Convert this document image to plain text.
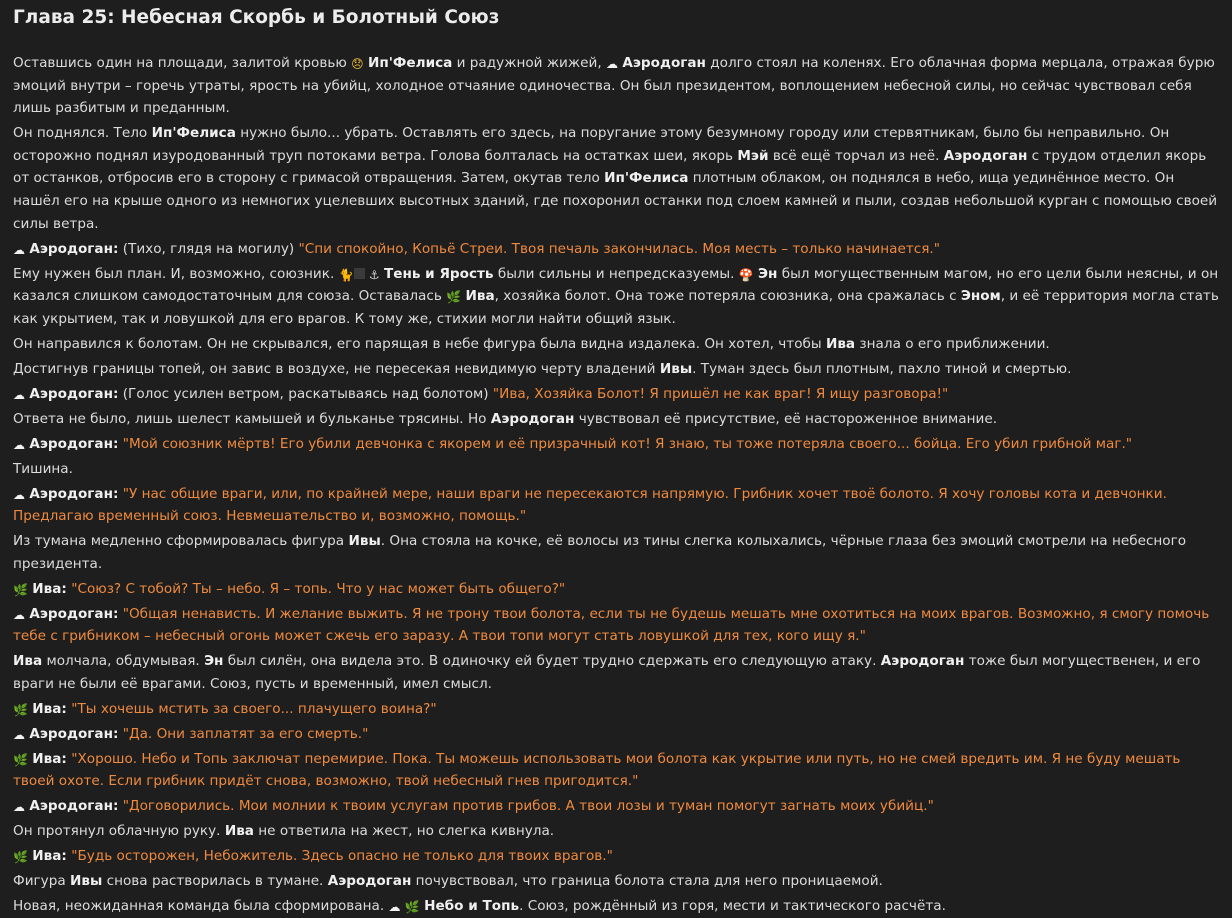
Глава 25: Небесная Скорбь и Болотный Союз
Оставшись один на площади, залитой кровью 😞 Ип'Фелиса и радужной жижей, ☁ Аэродоган долго стоял на коленях. Его облачная форма мерцала, отражая бурю эмоций внутри – горечь утраты, ярость на убийц, холодное отчаяние одиночества. Он был президентом, воплощением небесной силы, но сейчас чувствовал себя лишь разбитым и преданным.
Он поднялся. Тело Ип'Фелиса нужно было... убрать. Оставлять его здесь, на поругание этому безумному городу или стервятникам, было бы неправильно. Он осторожно поднял изуродованный труп потоками ветра. Голова болталась на остатках шеи, якорь Мэй всё ещё торчал из неё. Аэродоган с трудом отделил якорь от останков, отбросив его в сторону с гримасой отвращения. Затем, окутав тело Ип'Фелиса плотным облаком, он поднялся в небо, ища уединённое место. Он нашёл его на крыше одного из немногих уцелевших высотных зданий, где похоронил останки под слоем камней и пыли, создав небольшой курган с помощью своей силы ветра.
☁ Аэродоган: (Тихо, глядя на могилу) "Спи спокойно, Копьё Стреи. Твоя печаль закончилась. Моя месть – только начинается."
Ему нужен был план. И, возможно, союзник. 🐈 ⚓ Тень и Ярость были сильны и непредсказуемы. 🍄 Эн был могущественным магом, но его цели были неясны, и он казался слишком самодостаточным для союза. Оставалась 🌿 Ива, хозяйка болот. Она тоже потеряла союзника, она сражалась с Эном, и её территория могла стать как укрытием, так и ловушкой для его врагов. К тому же, стихии могли найти общий язык.
Он направился к болотам. Он не скрывался, его парящая в небе фигура была видна издалека. Он хотел, чтобы Ива знала о его приближении.
Достигнув границы топей, он завис в воздухе, не пересекая невидимую черту владений Ивы. Туман здесь был плотным, пахло тиной и смертью.
☁ Аэродоган: (Голос усилен ветром, раскатываясь над болотом) "Ива, Хозяйка Болот! Я пришёл не как враг! Я ищу разговора!"
Ответа не было, лишь шелест камышей и бульканье трясины. Но Аэродоган чувствовал её присутствие, её настороженное внимание.
☁ Аэродоган: "Мой союзник мёртв! Его убили девчонка с якорем и её призрачный кот! Я знаю, ты тоже потеряла своего... бойца. Его убил грибной маг."
Тишина.
☁ Аэродоган: "У нас общие враги, или, по крайней мере, наши враги не пересекаются напрямую. Грибник хочет твоё болото. Я хочу головы кота и девчонки. Предлагаю временный союз. Невмешательство и, возможно, помощь."
Из тумана медленно сформировалась фигура Ивы. Она стояла на кочке, её волосы из тины слегка колыхались, чёрные глаза без эмоций смотрели на небесного президента.
🌿 Ива: "Союз? С тобой? Ты – небо. Я – топь. Что у нас может быть общего?"
☁ Аэродоган: "Общая ненависть. И желание выжить. Я не трону твои болота, если ты не будешь мешать мне охотиться на моих врагов. Возможно, я смогу помочь тебе с грибником – небесный огонь может сжечь его заразу. А твои топи могут стать ловушкой для тех, кого ищу я."
Ива молчала, обдумывая. Эн был силён, она видела это. В одиночку ей будет трудно сдержать его следующую атаку. Аэродоган тоже был могущественен, и его враги не были её врагами. Союз, пусть и временный, имел смысл.
🌿 Ива: "Ты хочешь мстить за своего... плачущего воина?"
☁ Аэродоган: "Да. Они заплатят за его смерть."
🌿 Ива: "Хорошо. Небо и Топь заключат перемирие. Пока. Ты можешь использовать мои болота как укрытие или путь, но не смей вредить им. Я не буду мешать твоей охоте. Если грибник придёт снова, возможно, твой небесный гнев пригодится."
☁ Аэродоган: "Договорились. Мои молнии к твоим услугам против грибов. А твои лозы и туман помогут загнать моих убийц."
Он протянул облачную руку. Ива не ответила на жест, но слегка кивнула.
🌿 Ива: "Будь осторожен, Небожитель. Здесь опасно не только для твоих врагов."
Фигура Ивы снова растворилась в тумане. Аэродоган почувствовал, что граница болота стала для него проницаемой.
Новая, неожиданная команда была сформирована. ☁ 🌿 Небо и Топь. Союз, рождённый из горя, мести и тактического расчёта.
